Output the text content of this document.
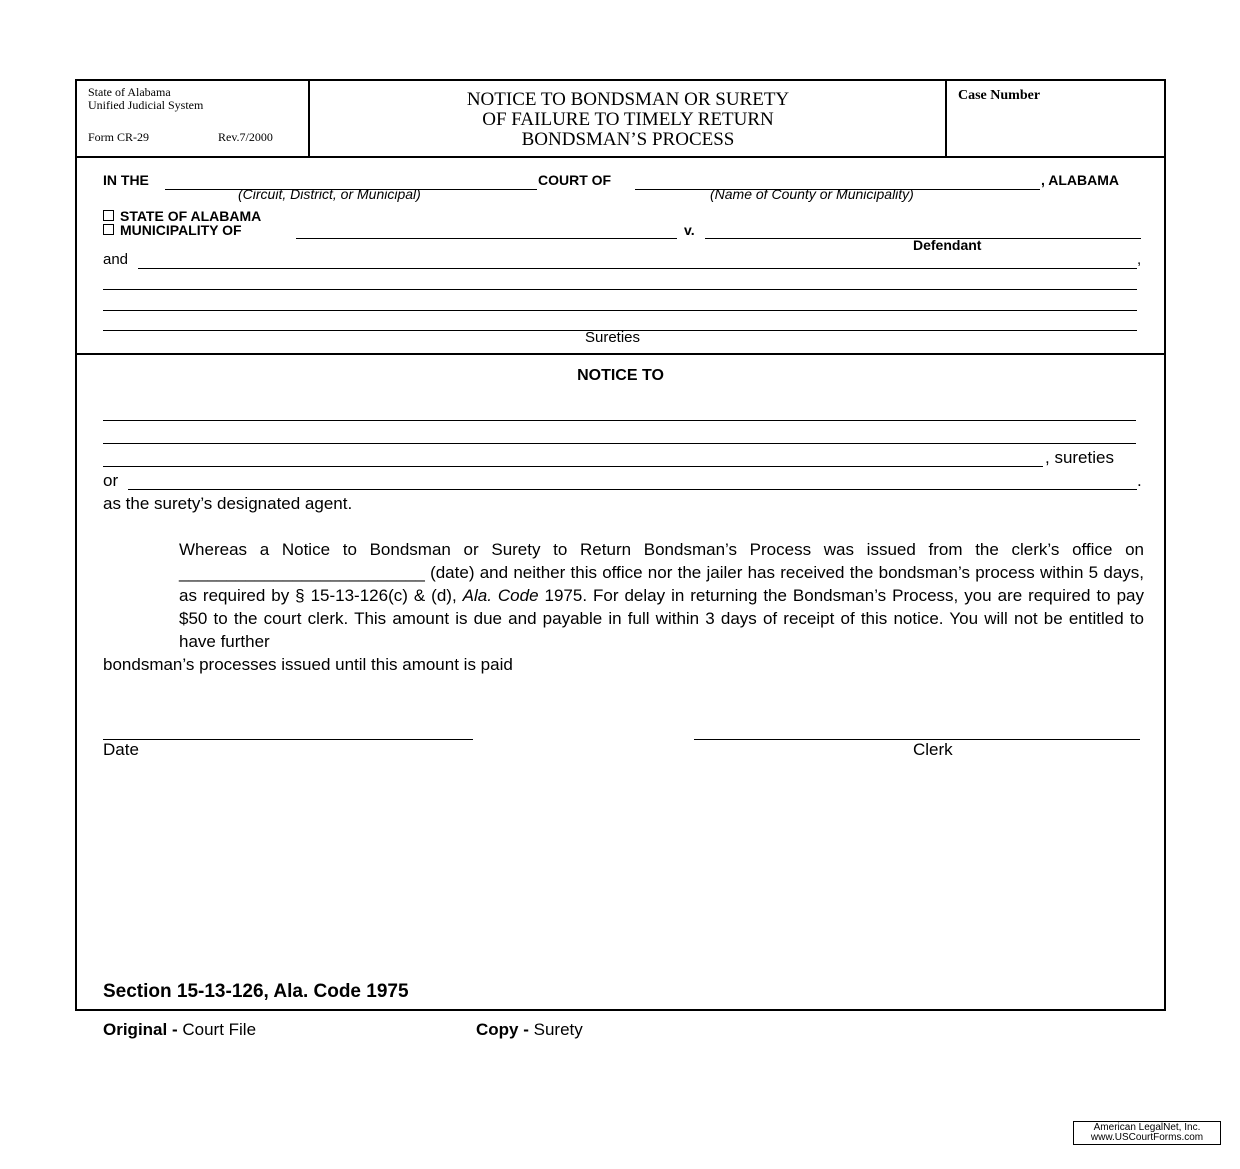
State of Alabama
Unified Judicial System
Form CR-29	Rev.7/2000
NOTICE TO BONDSMAN OR SURETY
OF FAILURE TO TIMELY RETURN
BONDSMAN’S PROCESS
Case Number
IN THE	COURT OF	, ALABAMA
(Circuit, District, or Municipal)	(Name of County or Municipality)
STATE OF ALABAMA
MUNICIPALITY OF	v.
Defendant
and	,
Sureties
NOTICE TO
, sureties
or	.
as the surety’s designated agent.
Whereas a Notice to Bondsman or Surety to Return Bondsman’s Process was issued from the clerk’s office on __________________________ (date) and neither this office nor the jailer has received the bondsman’s process within 5 days, as required by § 15-13-126(c) & (d), Ala. Code 1975. For delay in returning the Bondsman’s Process, you are required to pay $50 to the court clerk. This amount is due and payable in full within 3 days of receipt of this notice. You will not be entitled to have further
bondsman’s processes issued until this amount is paid
Date	Clerk
Section 15-13-126, Ala. Code 1975
Original - Court File	Copy - Surety
American LegalNet, Inc.
www.USCourtForms.com
